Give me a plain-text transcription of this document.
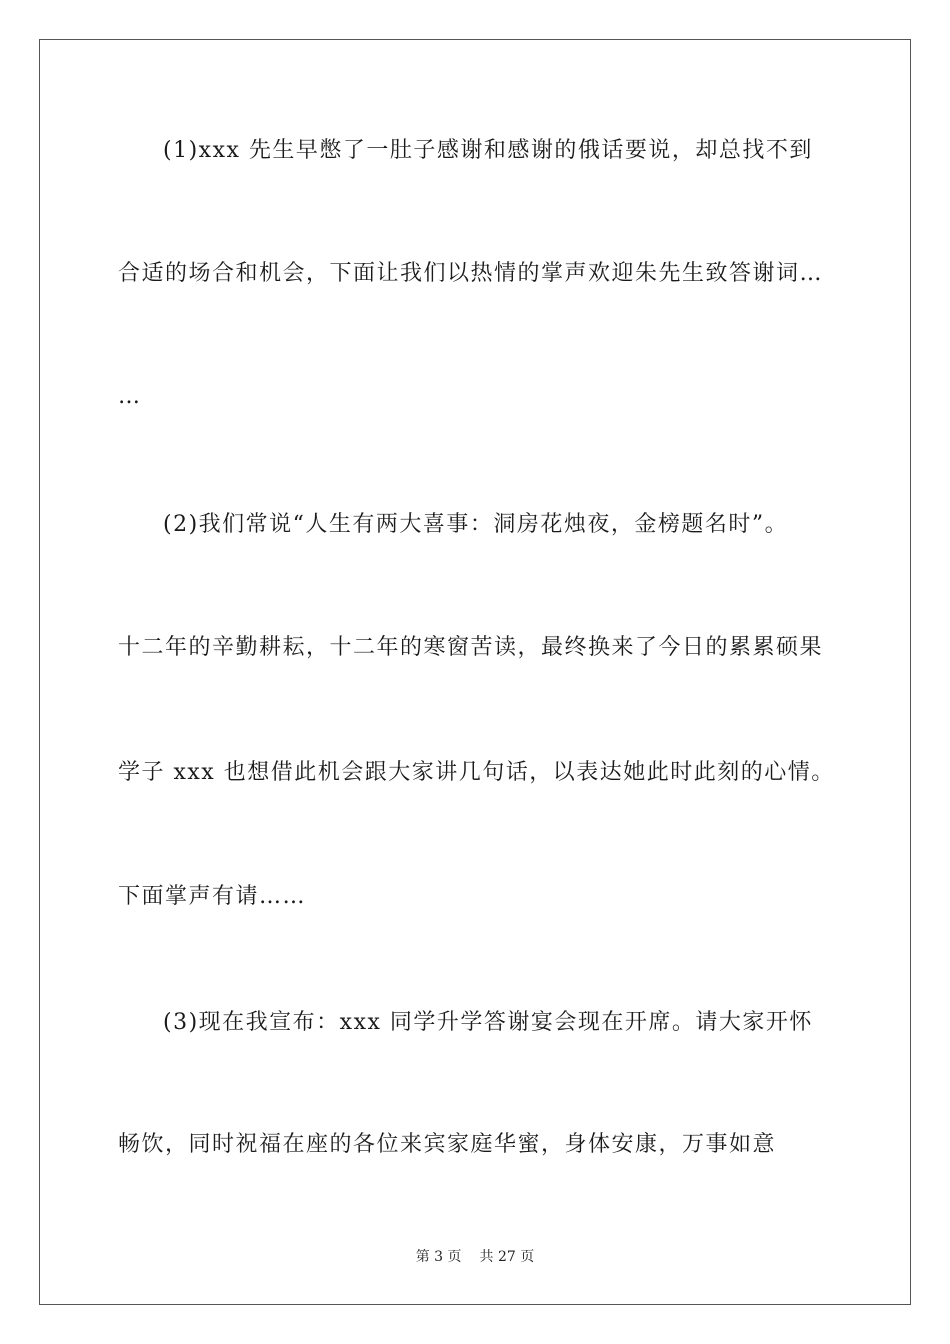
(1)xxx 先生早憋了一肚子感谢和感谢的俄话要说，却总找不到
合适的场合和机会，下面让我们以热情的掌声欢迎朱先生致答谢词…
…
(2)我们常说“人生有两大喜事：洞房花烛夜，金榜题名时”。
十二年的辛勤耕耘，十二年的寒窗苦读，最终换来了今日的累累硕果
学子 xxx 也想借此机会跟大家讲几句话，以表达她此时此刻的心情。
下面掌声有请……
(3)现在我宣布：xxx 同学升学答谢宴会现在开席。请大家开怀
畅饮，同时祝福在座的各位来宾家庭华蜜，身体安康，万事如意
第 3 页 共 27 页
